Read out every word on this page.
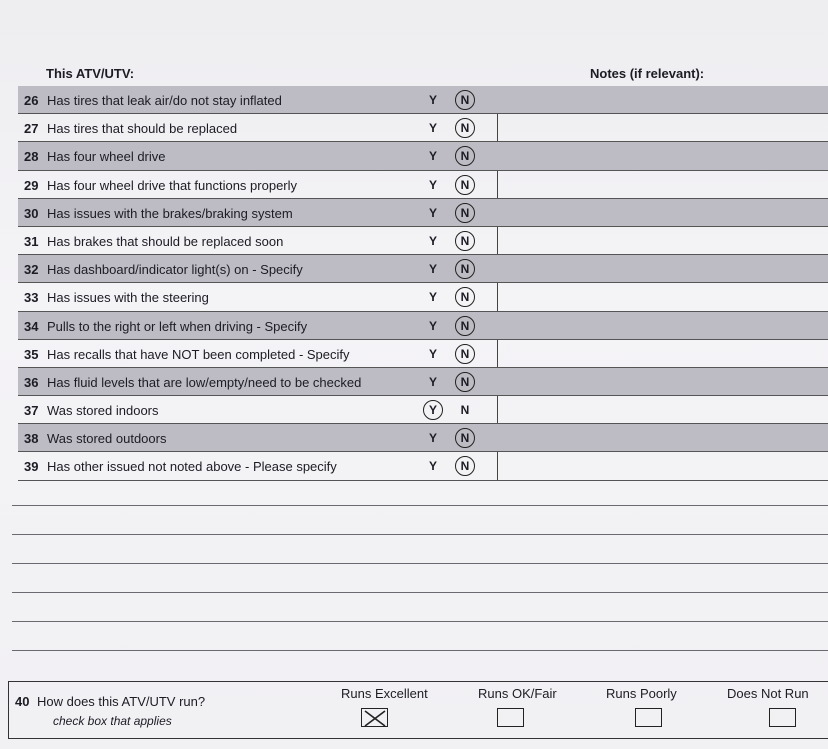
This ATV/UTV:	Notes (if relevant):
26 Has tires that leak air/do not stay inflated	Y N
27 Has tires that should be replaced	Y N
28 Has four wheel drive	Y N
29 Has four wheel drive that functions properly	Y N
30 Has issues with the brakes/braking system	Y N
31 Has brakes that should be replaced soon	Y N
32 Has dashboard/indicator light(s) on - Specify	Y N
33 Has issues with the steering	Y N
34 Pulls to the right or left when driving - Specify	Y N
35 Has recalls that have NOT been completed - Specify	Y N
36 Has fluid levels that are low/empty/need to be checked	Y N
37 Was stored indoors	Y N
38 Was stored outdoors	Y N
39 Has other issued not noted above - Please specify	Y N
40 How does this ATV/UTV run?
check box that applies
Runs Excellent	Runs OK/Fair	Runs Poorly	Does Not Run
